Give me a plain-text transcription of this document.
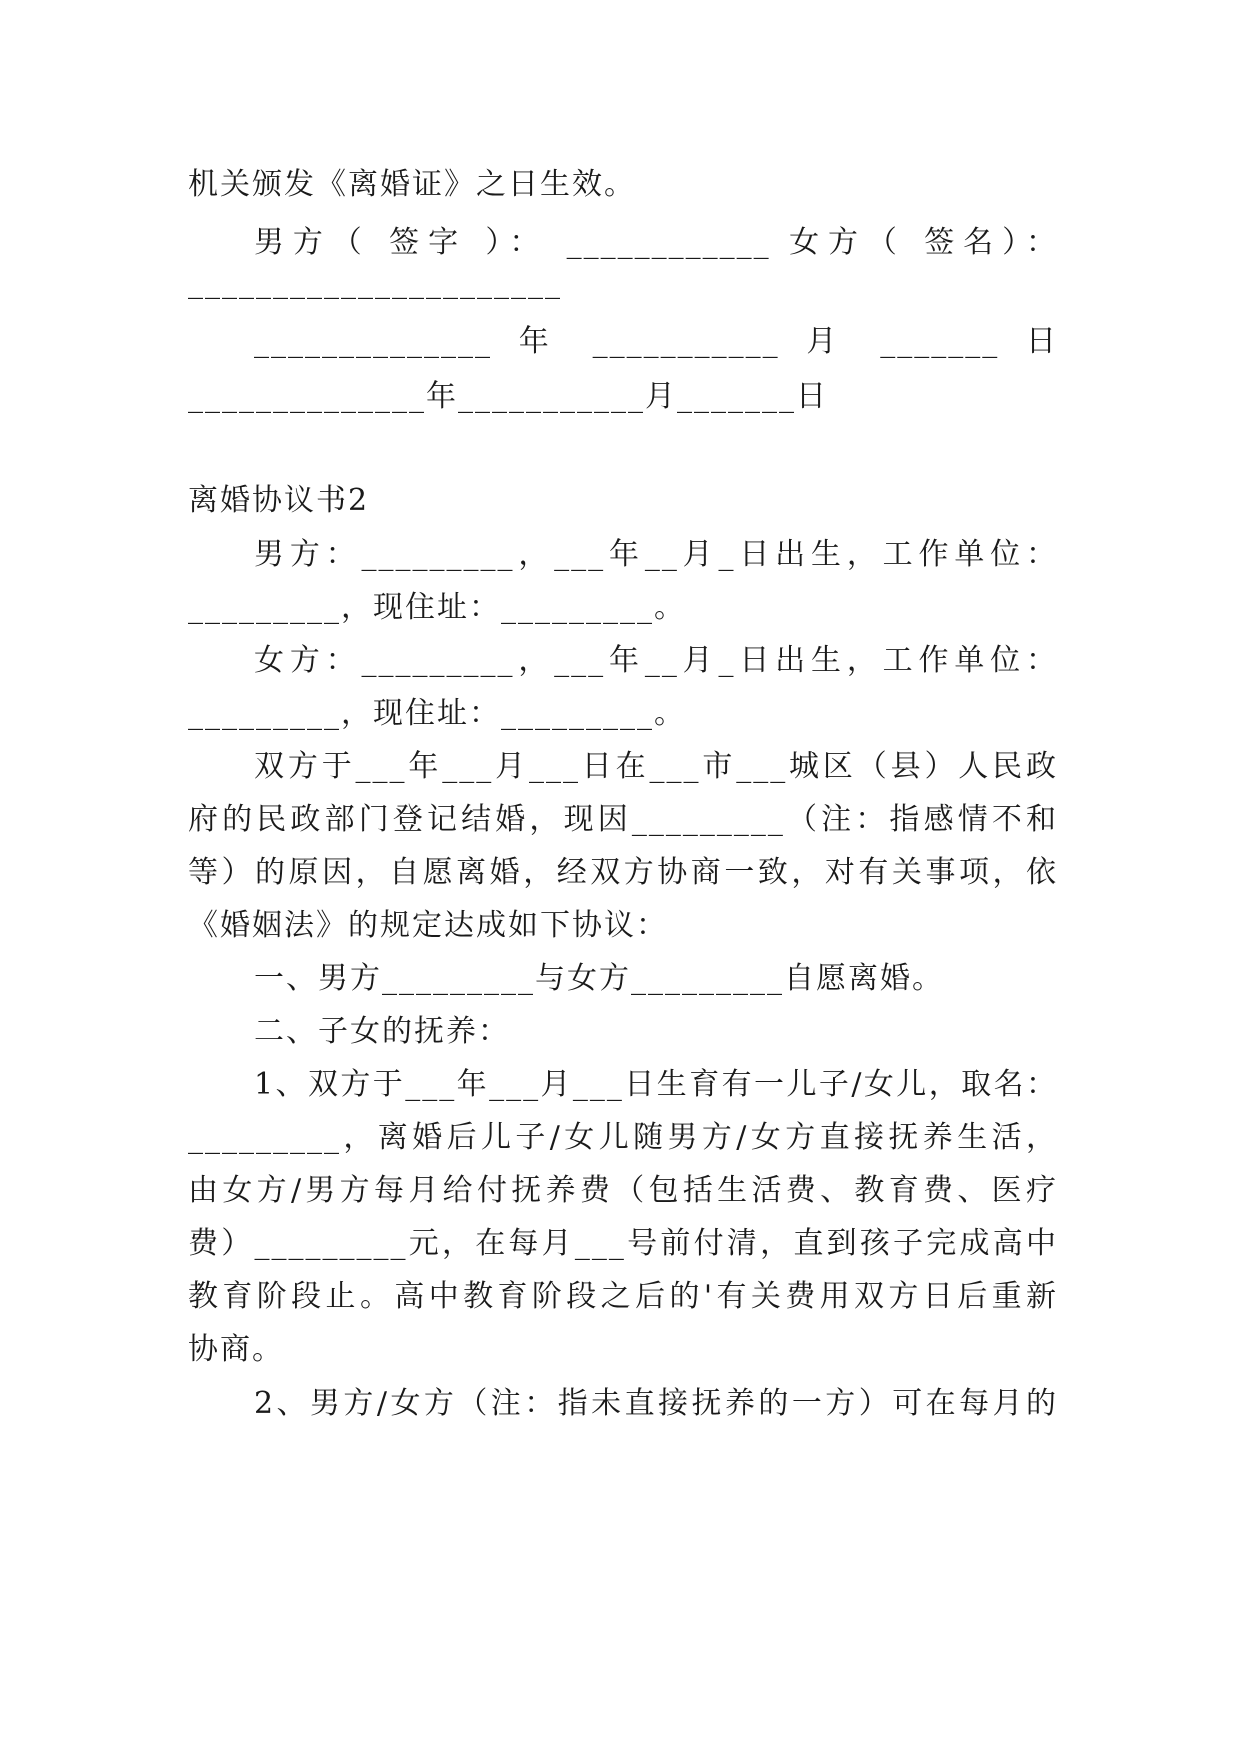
机关颁发《离婚证》之日生效。
男方（ 签字 ）： ____________ 女方（ 签名）：
______________________
______________ 年 ___________ 月 _______ 日
______________年___________月_______日
离婚协议书2
男方：_________，___年__月_日出生，工作单位：
_________，现住址：_________。
女方：_________，___年__月_日出生，工作单位：
_________，现住址：_________。
双方于___年___月___日在___市___城区（县）人民政
府的民政部门登记结婚，现因_________（注：指感情不和
等）的原因，自愿离婚，经双方协商一致，对有关事项，依
《婚姻法》的规定达成如下协议：
一、男方_________与女方_________自愿离婚。
二、子女的抚养：
1、双方于___年___月___日生育有一儿子/女儿，取名：
_________，离婚后儿子/女儿随男方/女方直接抚养生活，
由女方/男方每月给付抚养费（包括生活费、教育费、医疗
费）_________元，在每月___号前付清，直到孩子完成高中
教育阶段止。高中教育阶段之后的'有关费用双方日后重新
协商。
2、男方/女方（注：指未直接抚养的一方）可在每月的
